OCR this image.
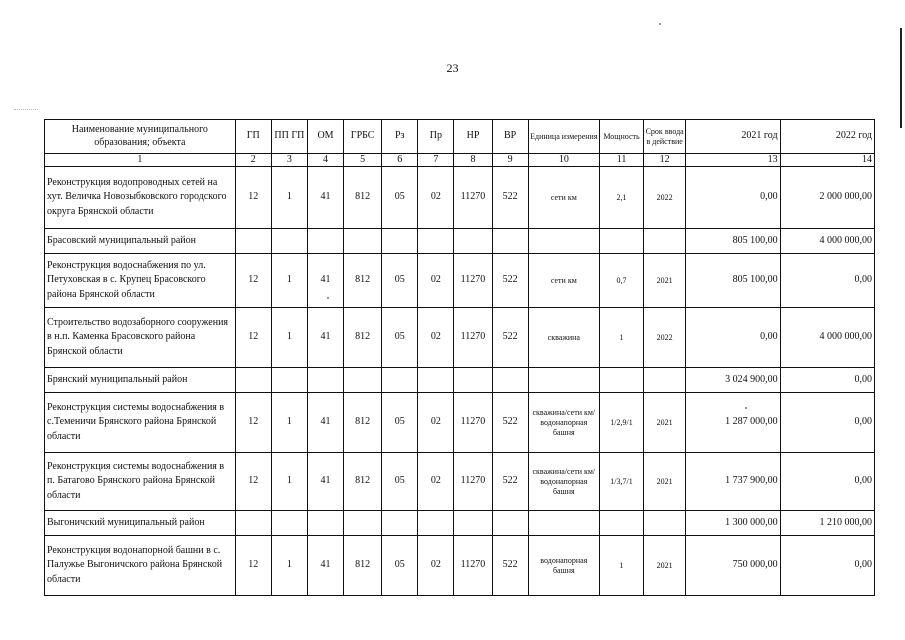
23
Наименование муниципального образования; объекта	ГП	ПП ГП	ОМ	ГРБС	Рз	Пр	НР	ВР	Единица измерения	Мощность	Срок ввода в действие	2021 год	2022 год
1	2	3	4	5	6	7	8	9	10	11	12	13	14
Реконструкция водопроводных сетей на хут. Величка Новозыбковского городского округа Брянской области	12	1	41	812	05	02	11270	522	сети км	2,1	2022	0,00	2 000 000,00
Брасовский муниципальный район												805 100,00	4 000 000,00
Реконструкция водоснабжения по ул. Петуховская в с. Крупец Брасовского района Брянской области	12	1	41	812	05	02	11270	522	сети км	0,7	2021	805 100,00	0,00
Строительство водозаборного сооружения в н.п. Каменка Брасовского района Брянской области	12	1	41	812	05	02	11270	522	скважина	1	2022	0,00	4 000 000,00
Брянский муниципальный район												3 024 900,00	0,00
Реконструкция системы водоснабжения в с.Теменичи Брянского района Брянской области	12	1	41	812	05	02	11270	522	скважина/сети км/водонапорная башня	1/2,9/1	2021	1 287 000,00	0,00
Реконструкция системы водоснабжения в п. Батагово Брянского района Брянской области	12	1	41	812	05	02	11270	522	скважина/сети км/водонапорная башня	1/3,7/1	2021	1 737 900,00	0,00
Выгоничский муниципальный район												1 300 000,00	1 210 000,00
Реконструкция водонапорной башни в с. Палужье Выгоничского района Брянской области	12	1	41	812	05	02	11270	522	водонапорная башня	1	2021	750 000,00	0,00
